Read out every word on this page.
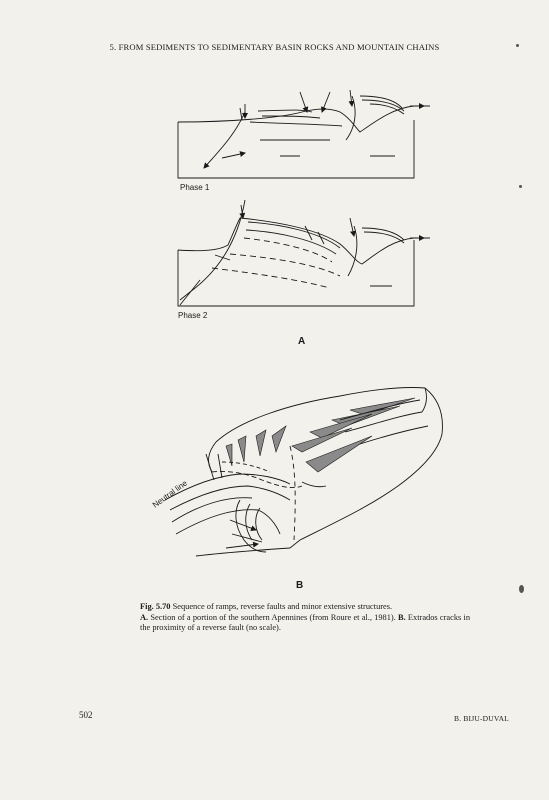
5. FROM SEDIMENTS TO SEDIMENTARY BASIN ROCKS AND MOUNTAIN CHAINS
Phase 1
Phase 2
A
Neutral line
B

Fig. 5.70 Sequence of ramps, reverse faults and minor extensive structures.

A. Section of a portion of the southern Apennines (from Roure et al., 1981). B. Extrados cracks in the proximity of a reverse fault (no scale).

502	B. BIJU-DUVAL
